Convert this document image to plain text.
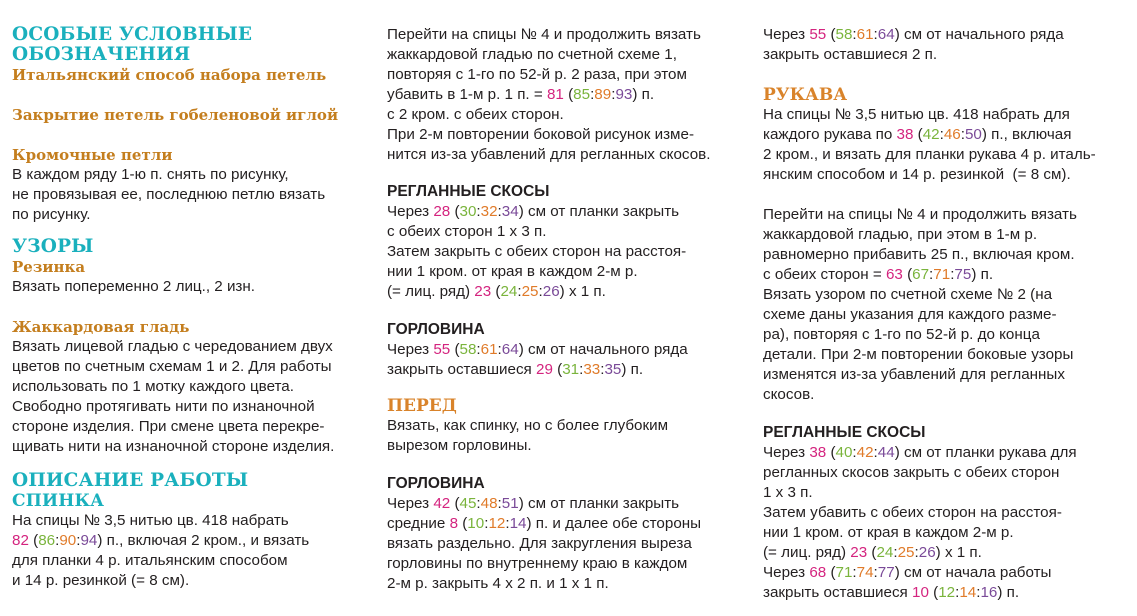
ОСОБЫЕ УСЛОВНЫЕ
ОБОЗНАЧЕНИЯ
Итальянский способ набора петель
Закрытие петель гобеленовой иглой
Кромочные петли
В каждом ряду 1-ю п. снять по рисунку,
не провязывая ее, последнюю петлю вязать
по рисунку.
УЗОРЫ
Резинка
Вязать попеременно 2 лиц., 2 изн.
Жаккардовая гладь
Вязать лицевой гладью с чередованием двух
цветов по счетным схемам 1 и 2. Для работы
использовать по 1 мотку каждого цвета.
Свободно протягивать нити по изнаночной
стороне изделия. При смене цвета перекре-
щивать нити на изнаночной стороне изделия.
ОПИСАНИЕ РАБОТЫ
СПИНКА
На спицы № 3,5 нитью цв. 418 набрать
82 (86:90:94) п., включая 2 кром., и вязать
для планки 4 р. итальянским способом
и 14 р. резинкой (= 8 см).
Перейти на спицы № 4 и продолжить вязать
жаккардовой гладью по счетной схеме 1,
повторяя с 1-го по 52-й р. 2 раза, при этом
убавить в 1-м р. 1 п. = 81 (85:89:93) п.
с 2 кром. с обеих сторон.
При 2-м повторении боковой рисунок изме-
нится из-за убавлений для регланных скосов.
РЕГЛАННЫЕ СКОСЫ
Через 28 (30:32:34) см от планки закрыть
с обеих сторон 1 х 3 п.
Затем закрыть с обеих сторон на расстоя-
нии 1 кром. от края в каждом 2-м р.
(= лиц. ряд) 23 (24:25:26) x 1 п.
ГОРЛОВИНА
Через 55 (58:61:64) см от начального ряда
закрыть оставшиеся 29 (31:33:35) п.
ПЕРЕД
Вязать, как спинку, но с более глубоким
вырезом горловины.
ГОРЛОВИНА
Через 42 (45:48:51) см от планки закрыть
средние 8 (10:12:14) п. и далее обе стороны
вязать раздельно. Для закругления выреза
горловины по внутреннему краю в каждом
2-м р. закрыть 4 х 2 п. и 1 х 1 п.
Через 55 (58:61:64) см от начального ряда
закрыть оставшиеся 2 п.
РУКАВА
На спицы № 3,5 нитью цв. 418 набрать для
каждого рукава по 38 (42:46:50) п., включая
2 кром., и вязать для планки рукава 4 р. италь-
янским способом и 14 р. резинкой  (= 8 см).
Перейти на спицы № 4 и продолжить вязать
жаккардовой гладью, при этом в 1-м р.
равномерно прибавить 25 п., включая кром.
с обеих сторон = 63 (67:71:75) п.
Вязать узором по счетной схеме № 2 (на
схеме даны указания для каждого разме-
ра), повторяя с 1-го по 52-й р. до конца
детали. При 2-м повторении боковые узоры
изменятся из-за убавлений для регланных
скосов.
РЕГЛАННЫЕ СКОСЫ
Через 38 (40:42:44) см от планки рукава для
регланных скосов закрыть с обеих сторон
1 х 3 п.
Затем убавить с обеих сторон на расстоя-
нии 1 кром. от края в каждом 2-м р.
(= лиц. ряд) 23 (24:25:26) x 1 п.
Через 68 (71:74:77) см от начала работы
закрыть оставшиеся 10 (12:14:16) п.
